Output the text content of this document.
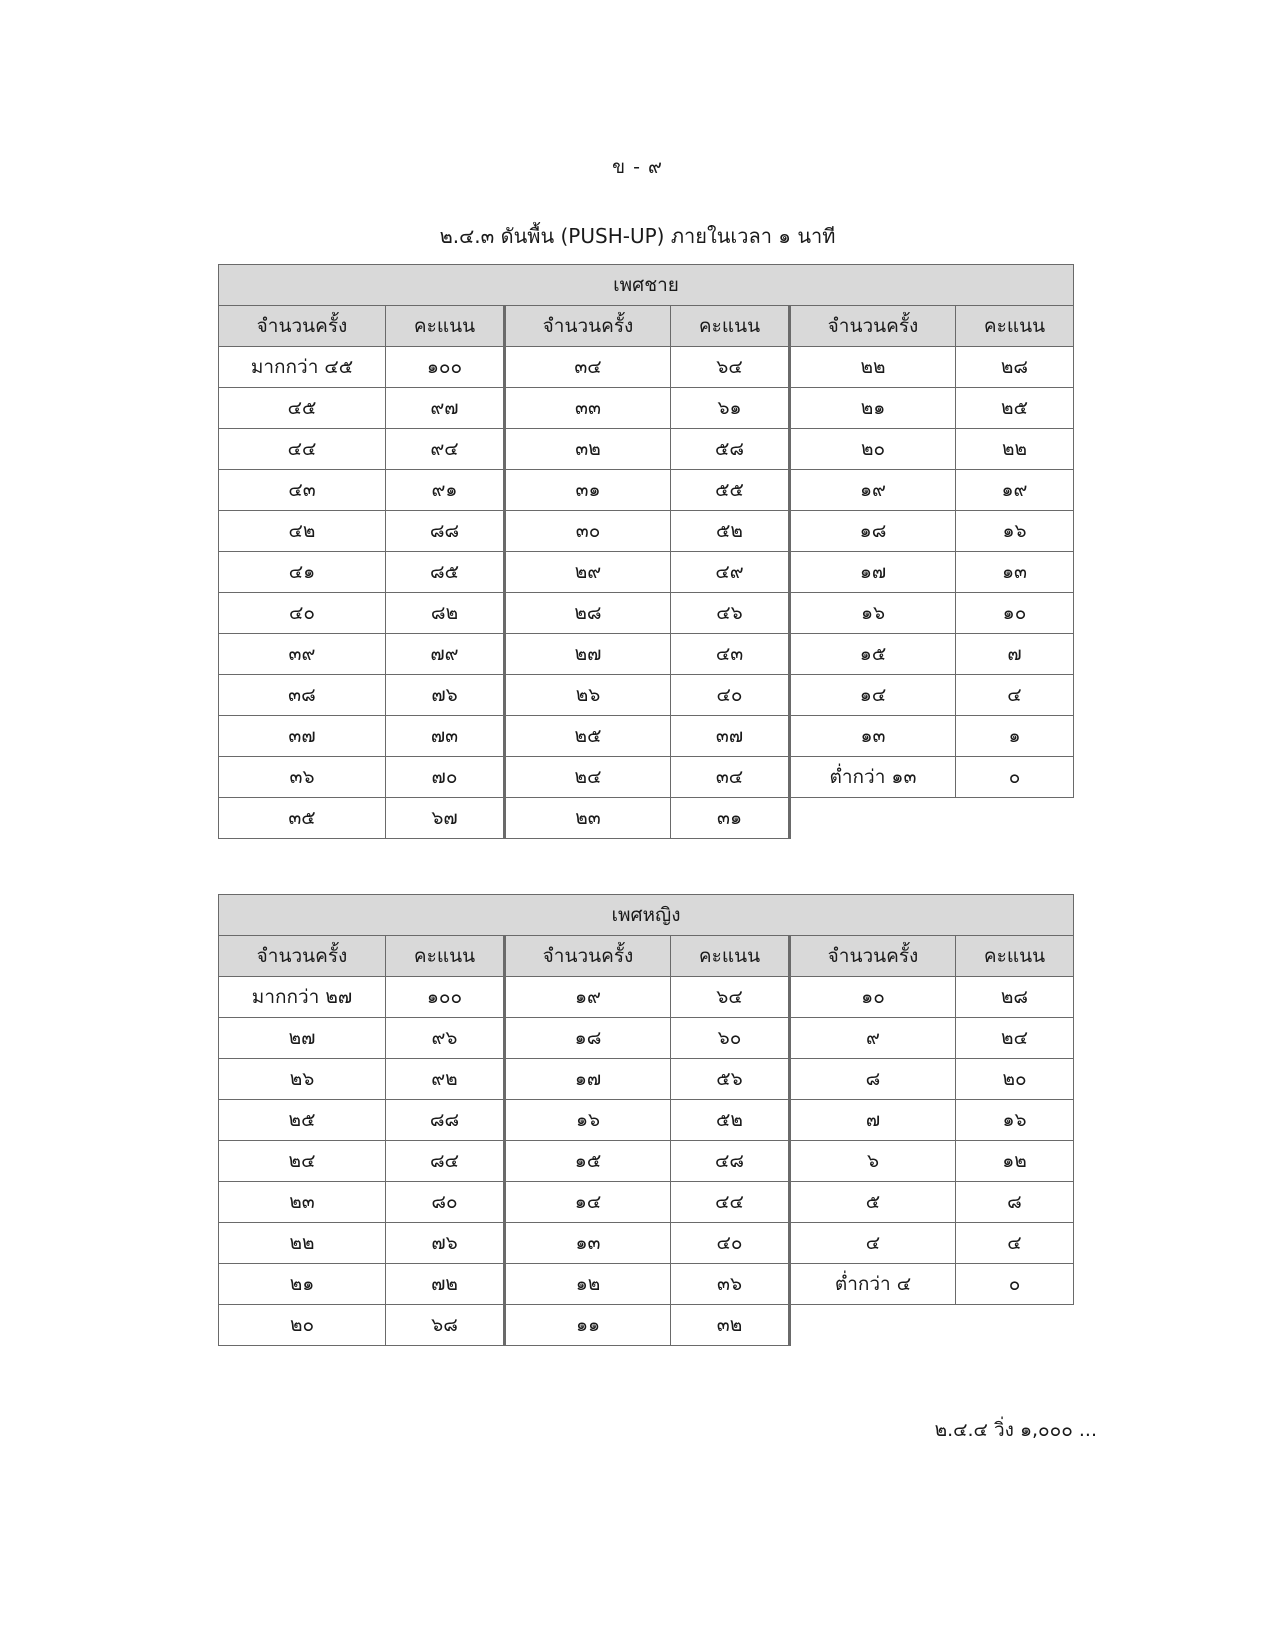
ข - ๙
๒.๔.๓ ดันพื้น (PUSH-UP) ภายในเวลา ๑ นาที
เพศชาย					
จำนวนครั้ง	คะแนน	จำนวนครั้ง	คะแนน	จำนวนครั้ง	คะแนน
มากกว่า ๔๕	๑๐๐	๓๔	๖๔	๒๒	๒๘
๔๕	๙๗	๓๓	๖๑	๒๑	๒๕
๔๔	๙๔	๓๒	๕๘	๒๐	๒๒
๔๓	๙๑	๓๑	๕๕	๑๙	๑๙
๔๒	๘๘	๓๐	๕๒	๑๘	๑๖
๔๑	๘๕	๒๙	๔๙	๑๗	๑๓
๔๐	๘๒	๒๘	๔๖	๑๖	๑๐
๓๙	๗๙	๒๗	๔๓	๑๕	๗
๓๘	๗๖	๒๖	๔๐	๑๔	๔
๓๗	๗๓	๒๕	๓๗	๑๓	๑
๓๖	๗๐	๒๔	๓๔	ต่ำกว่า ๑๓	๐
๓๕	๖๗	๒๓	๓๑		
เพศหญิง					
จำนวนครั้ง	คะแนน	จำนวนครั้ง	คะแนน	จำนวนครั้ง	คะแนน
มากกว่า ๒๗	๑๐๐	๑๙	๖๔	๑๐	๒๘
๒๗	๙๖	๑๘	๖๐	๙	๒๔
๒๖	๙๒	๑๗	๕๖	๘	๒๐
๒๕	๘๘	๑๖	๕๒	๗	๑๖
๒๔	๘๔	๑๕	๔๘	๖	๑๒
๒๓	๘๐	๑๔	๔๔	๕	๘
๒๒	๗๖	๑๓	๔๐	๔	๔
๒๑	๗๒	๑๒	๓๖	ต่ำกว่า ๔	๐
๒๐	๖๘	๑๑	๓๒		
๒.๔.๔ วิ่ง ๑,๐๐๐ ...
